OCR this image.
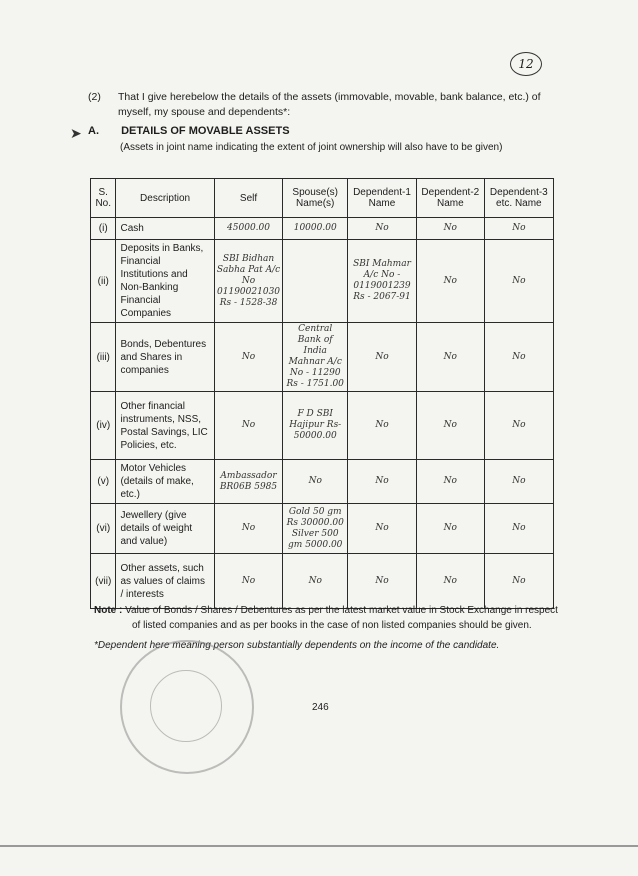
12
(2) That I give herebelow the details of the assets (immovable, movable, bank balance, etc.) of myself, my spouse and dependents*:
➤ A. DETAILS OF MOVABLE ASSETS
(Assets in joint name indicating the extent of joint ownership will also have to be given)
S. No.	Description	Self	Spouse(s) Name(s)	Dependent-1 Name	Dependent-2 Name	Dependent-3 etc. Name
(i)	Cash	45000.00	10000.00	No	No	No
(ii)	Deposits in Banks, Financial Institutions and Non-Banking Financial Companies	SBI Bidhan Sabha Pat A/c No 01190021030 Rs - 1528-38		SBI Mahmar A/c No - 0119001239 Rs - 2067-91	No	No
(iii)	Bonds, Debentures and Shares in companies	No	Central Bank of India Mahnar A/c No - 11290 Rs - 1751.00	No	No	No
(iv)	Other financial instruments, NSS, Postal Savings, LIC Policies, etc.	No	F D SBI Hajipur Rs-50000.00	No	No	No
(v)	Motor Vehicles (details of make, etc.)	Ambassador BR06B 5985	No	No	No	No
(vi)	Jewellery (give details of weight and value)	No	Gold 50 gm Rs 30000.00 Silver 500 gm 5000.00	No	No	No
(vii)	Other assets, such as values of claims / interests	No	No	No	No	No
Note : Value of Bonds / Shares / Debentures as per the latest market value in Stock Exchange in respect
of listed companies and as per books in the case of non listed companies should be given.
*Dependent here meaning person substantially dependents on the income of the candidate.
246
